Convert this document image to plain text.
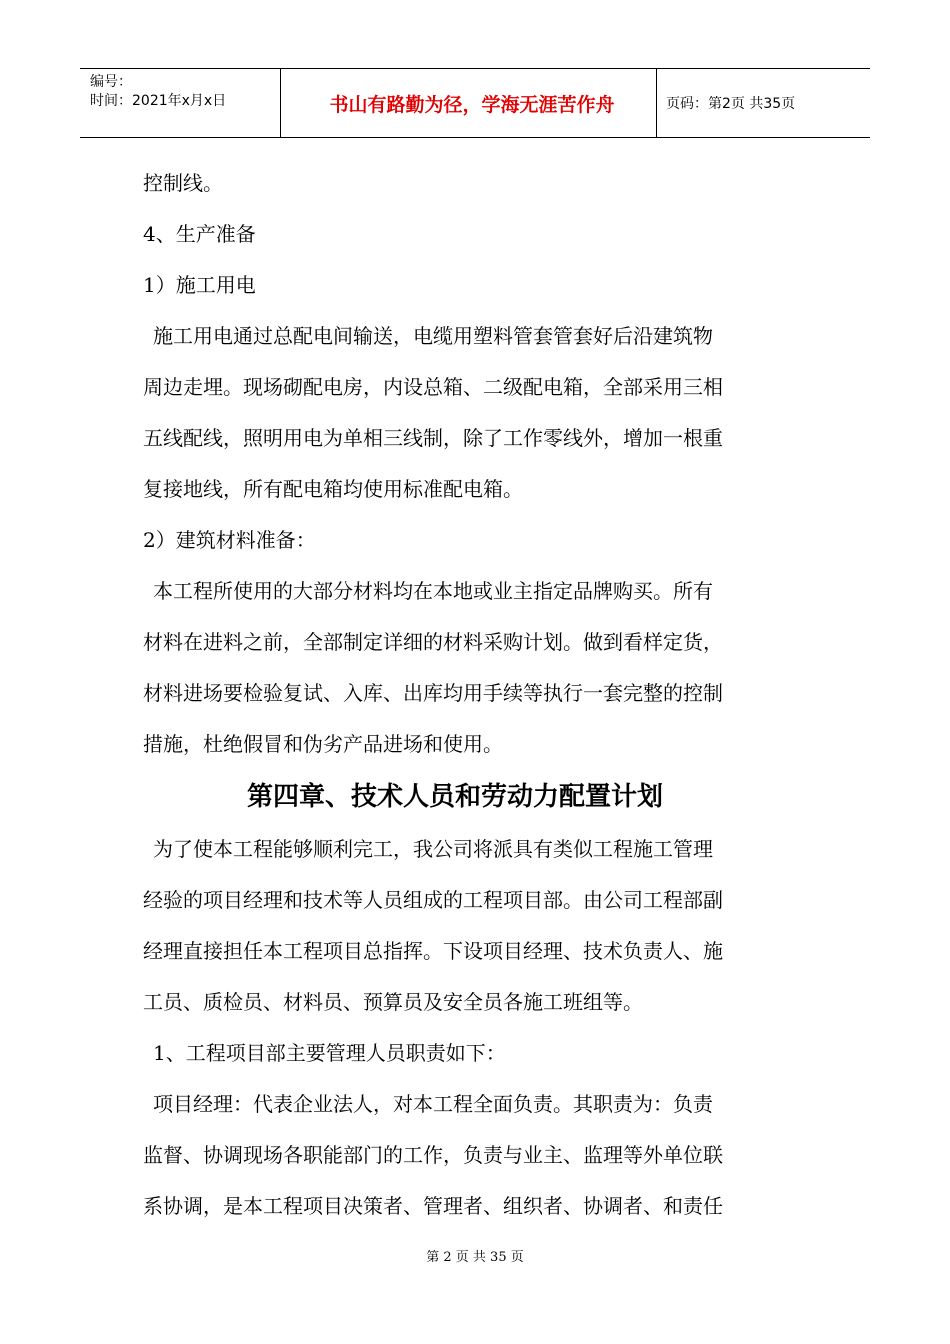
编号：
时间：2021年x月x日	书山有路勤为径，学海无涯苦作舟	页码：第2页 共35页

控制线。

4、生产准备

1）施工用电

施工用电通过总配电间输送，电缆用塑料管套管套好后沿建筑物

周边走埋。现场砌配电房，内设总箱、二级配电箱，全部采用三相

五线配线，照明用电为单相三线制，除了工作零线外，增加一根重

复接地线，所有配电箱均使用标准配电箱。

2）建筑材料准备：

本工程所使用的大部分材料均在本地或业主指定品牌购买。所有

材料在进料之前，全部制定详细的材料采购计划。做到看样定货，

材料进场要检验复试、入库、出库均用手续等执行一套完整的控制

措施，杜绝假冒和伪劣产品进场和使用。

第四章、技术人员和劳动力配置计划

为了使本工程能够顺利完工，我公司将派具有类似工程施工管理

经验的项目经理和技术等人员组成的工程项目部。由公司工程部副

经理直接担任本工程项目总指挥。下设项目经理、技术负责人、施

工员、质检员、材料员、预算员及安全员各施工班组等。

1、工程项目部主要管理人员职责如下：

项目经理：代表企业法人，对本工程全面负责。其职责为：负责

监督、协调现场各职能部门的工作，负责与业主、监理等外单位联

系协调，是本工程项目决策者、管理者、组织者、协调者、和责任

第 2 页 共 35 页
